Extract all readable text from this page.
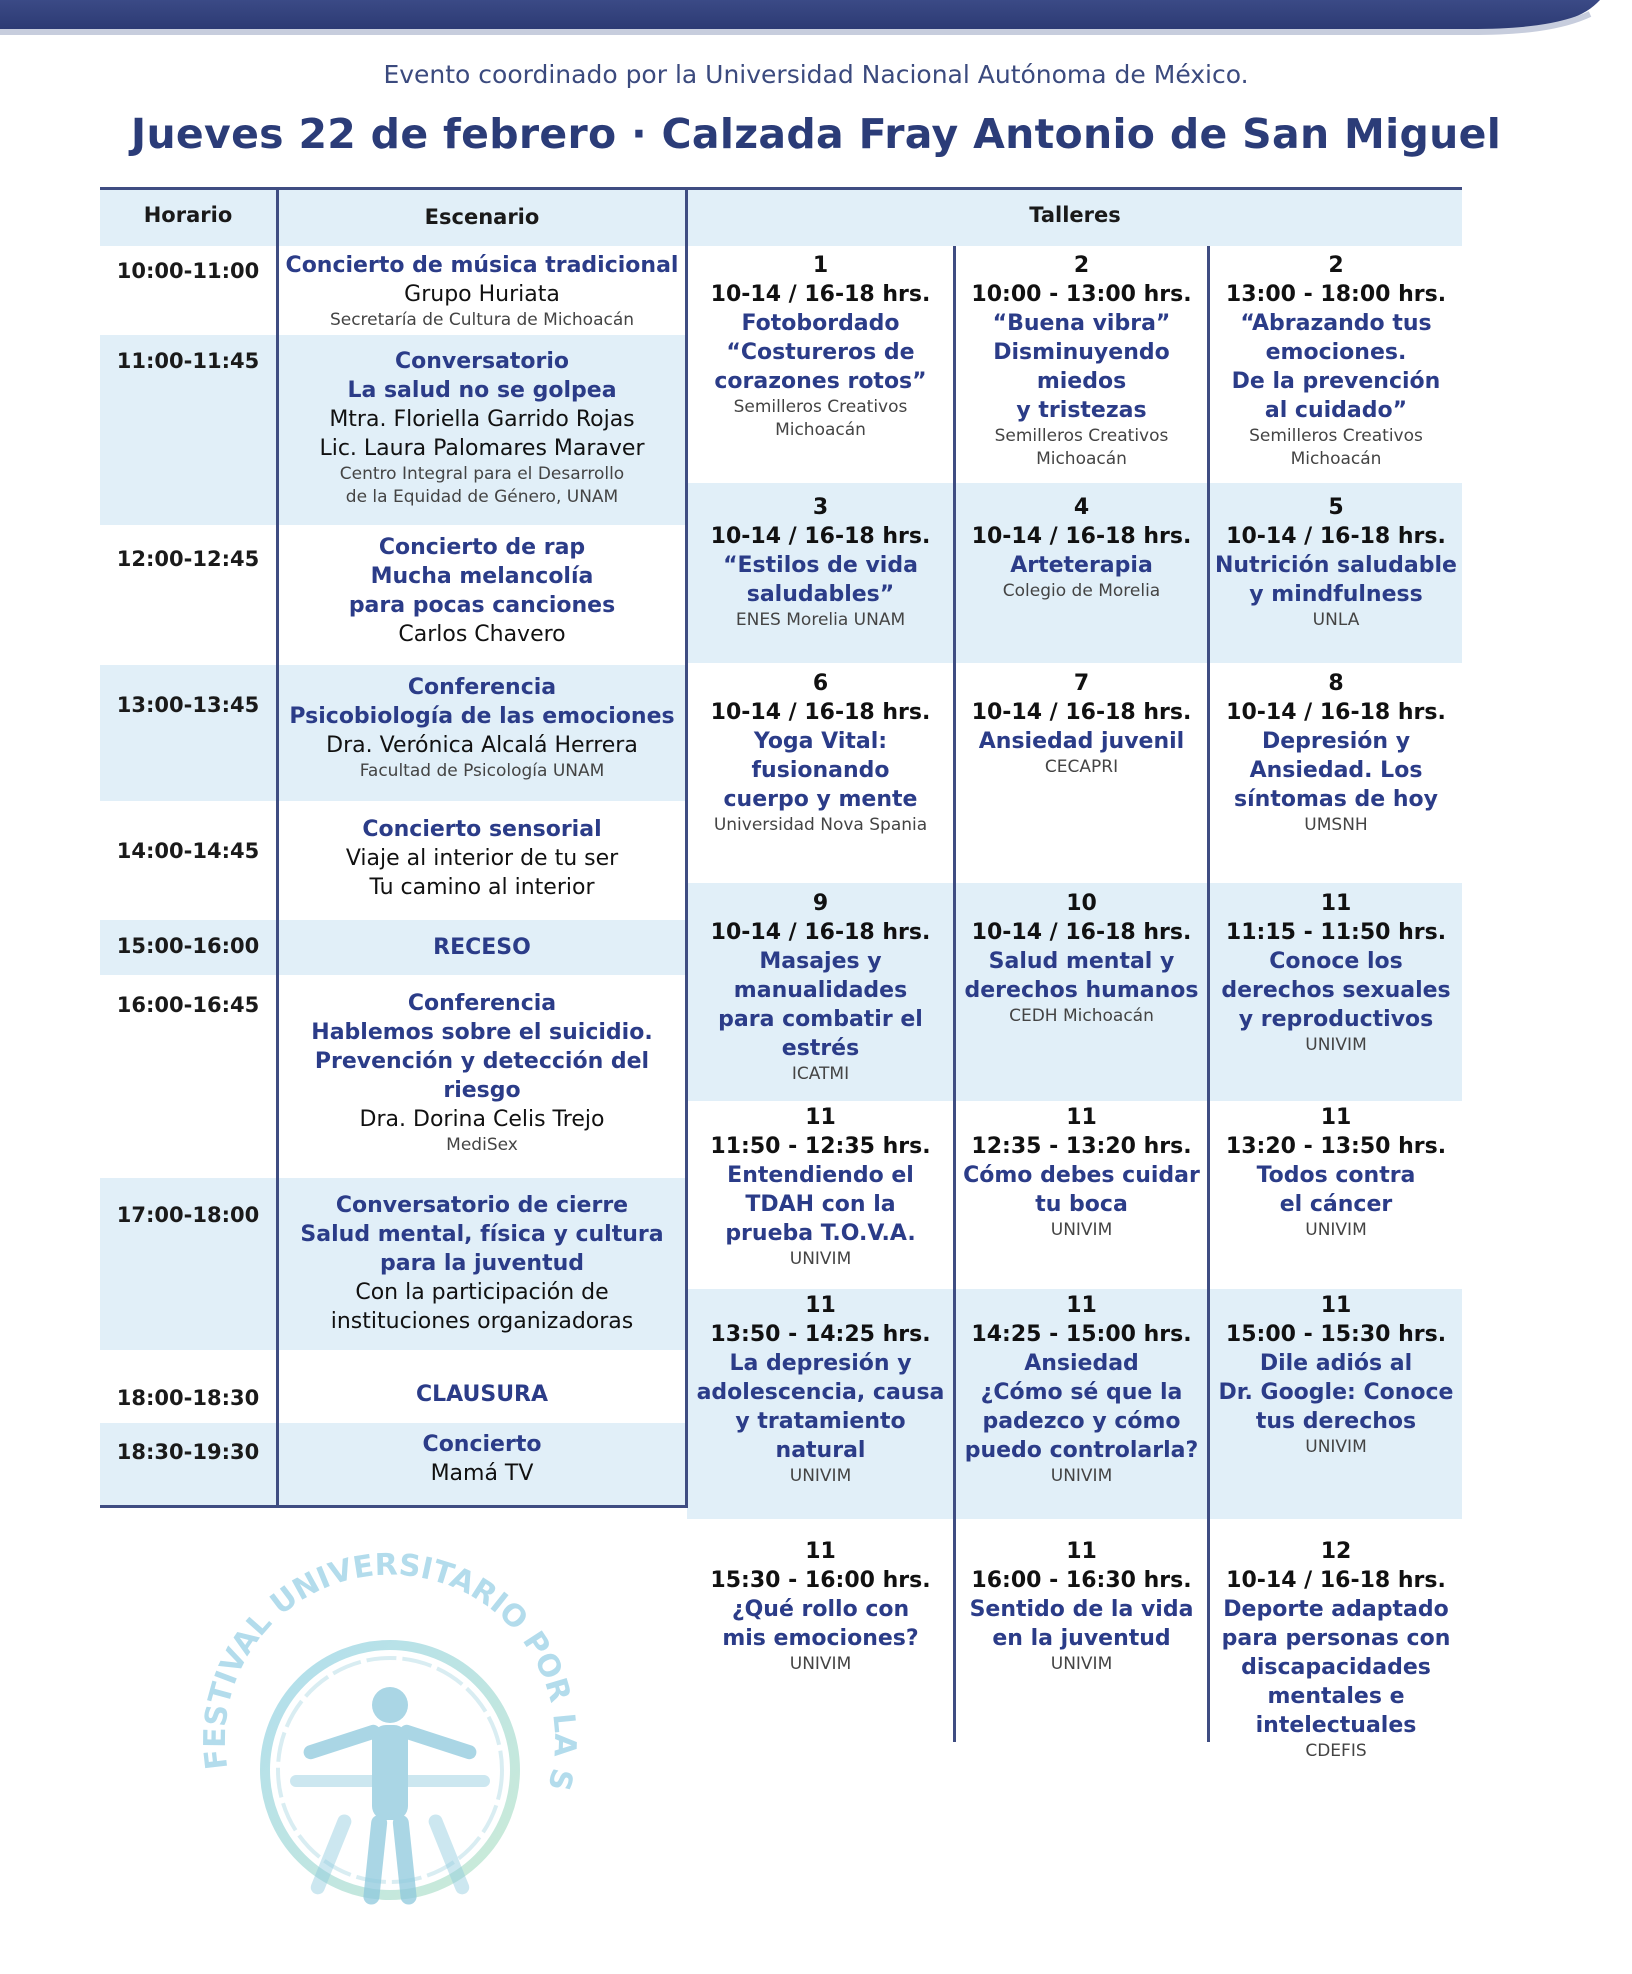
Evento coordinado por la Universidad Nacional Autónoma de México.
Jueves 22 de febrero · Calzada Fray Antonio de San Miguel
Horario	Escenario	Talleres
10:00-11:00
11:00-11:45
12:00-12:45
13:00-13:45
14:00-14:45
15:00-16:00
16:00-16:45
17:00-18:00
18:00-18:30
18:30-19:30
Concierto de música tradicional
Grupo Huriata
Secretaría de Cultura de Michoacán
Conversatorio
La salud no se golpea
Mtra. Floriella Garrido Rojas
Lic. Laura Palomares Maraver
Centro Integral para el Desarrollo
de la Equidad de Género, UNAM
Concierto de rap
Mucha melancolía
para pocas canciones
Carlos Chavero
Conferencia
Psicobiología de las emociones
Dra. Verónica Alcalá Herrera
Facultad de Psicología UNAM
Concierto sensorial
Viaje al interior de tu ser
Tu camino al interior
RECESO
Conferencia
Hablemos sobre el suicidio.
Prevención y detección del
riesgo
Dra. Dorina Celis Trejo
MediSex
Conversatorio de cierre
Salud mental, física y cultura
para la juventud
Con la participación de
instituciones organizadoras
CLAUSURA
Concierto
Mamá TV
1
10-14 / 16-18 hrs.
Fotobordado
“Costureros de
corazones rotos”
Semilleros Creativos
Michoacán
2
10:00 - 13:00 hrs.
“Buena vibra”
Disminuyendo
miedos
y tristezas
Semilleros Creativos
Michoacán
2
13:00 - 18:00 hrs.
“Abrazando tus
emociones.
De la prevención
al cuidado”
Semilleros Creativos
Michoacán
3
10-14 / 16-18 hrs.
“Estilos de vida
saludables”
ENES Morelia UNAM
4
10-14 / 16-18 hrs.
Arteterapia
Colegio de Morelia
5
10-14 / 16-18 hrs.
Nutrición saludable
y mindfulness
UNLA
6
10-14 / 16-18 hrs.
Yoga Vital:
fusionando
cuerpo y mente
Universidad Nova Spania
7
10-14 / 16-18 hrs.
Ansiedad juvenil
CECAPRI
8
10-14 / 16-18 hrs.
Depresión y
Ansiedad. Los
síntomas de hoy
UMSNH
9
10-14 / 16-18 hrs.
Masajes y
manualidades
para combatir el
estrés
ICATMI
10
10-14 / 16-18 hrs.
Salud mental y
derechos humanos
CEDH Michoacán
11
11:15 - 11:50 hrs.
Conoce los
derechos sexuales
y reproductivos
UNIVIM
11
11:50 - 12:35 hrs.
Entendiendo el
TDAH con la
prueba T.O.V.A.
UNIVIM
11
12:35 - 13:20 hrs.
Cómo debes cuidar
tu boca
UNIVIM
11
13:20 - 13:50 hrs.
Todos contra
el cáncer
UNIVIM
11
13:50 - 14:25 hrs.
La depresión y
adolescencia, causa
y tratamiento
natural
UNIVIM
11
14:25 - 15:00 hrs.
Ansiedad
¿Cómo sé que la
padezco y cómo
puedo controlarla?
UNIVIM
11
15:00 - 15:30 hrs.
Dile adiós al
Dr. Google: Conoce
tus derechos
UNIVIM
11
15:30 - 16:00 hrs.
¿Qué rollo con
mis emociones?
UNIVIM
11
16:00 - 16:30 hrs.
Sentido de la vida
en la juventud
UNIVIM
12
10-14 / 16-18 hrs.
Deporte adaptado
para personas con
discapacidades
mentales e
intelectuales
CDEFIS
FESTIVAL UNIVERSITARIO POR LA S
